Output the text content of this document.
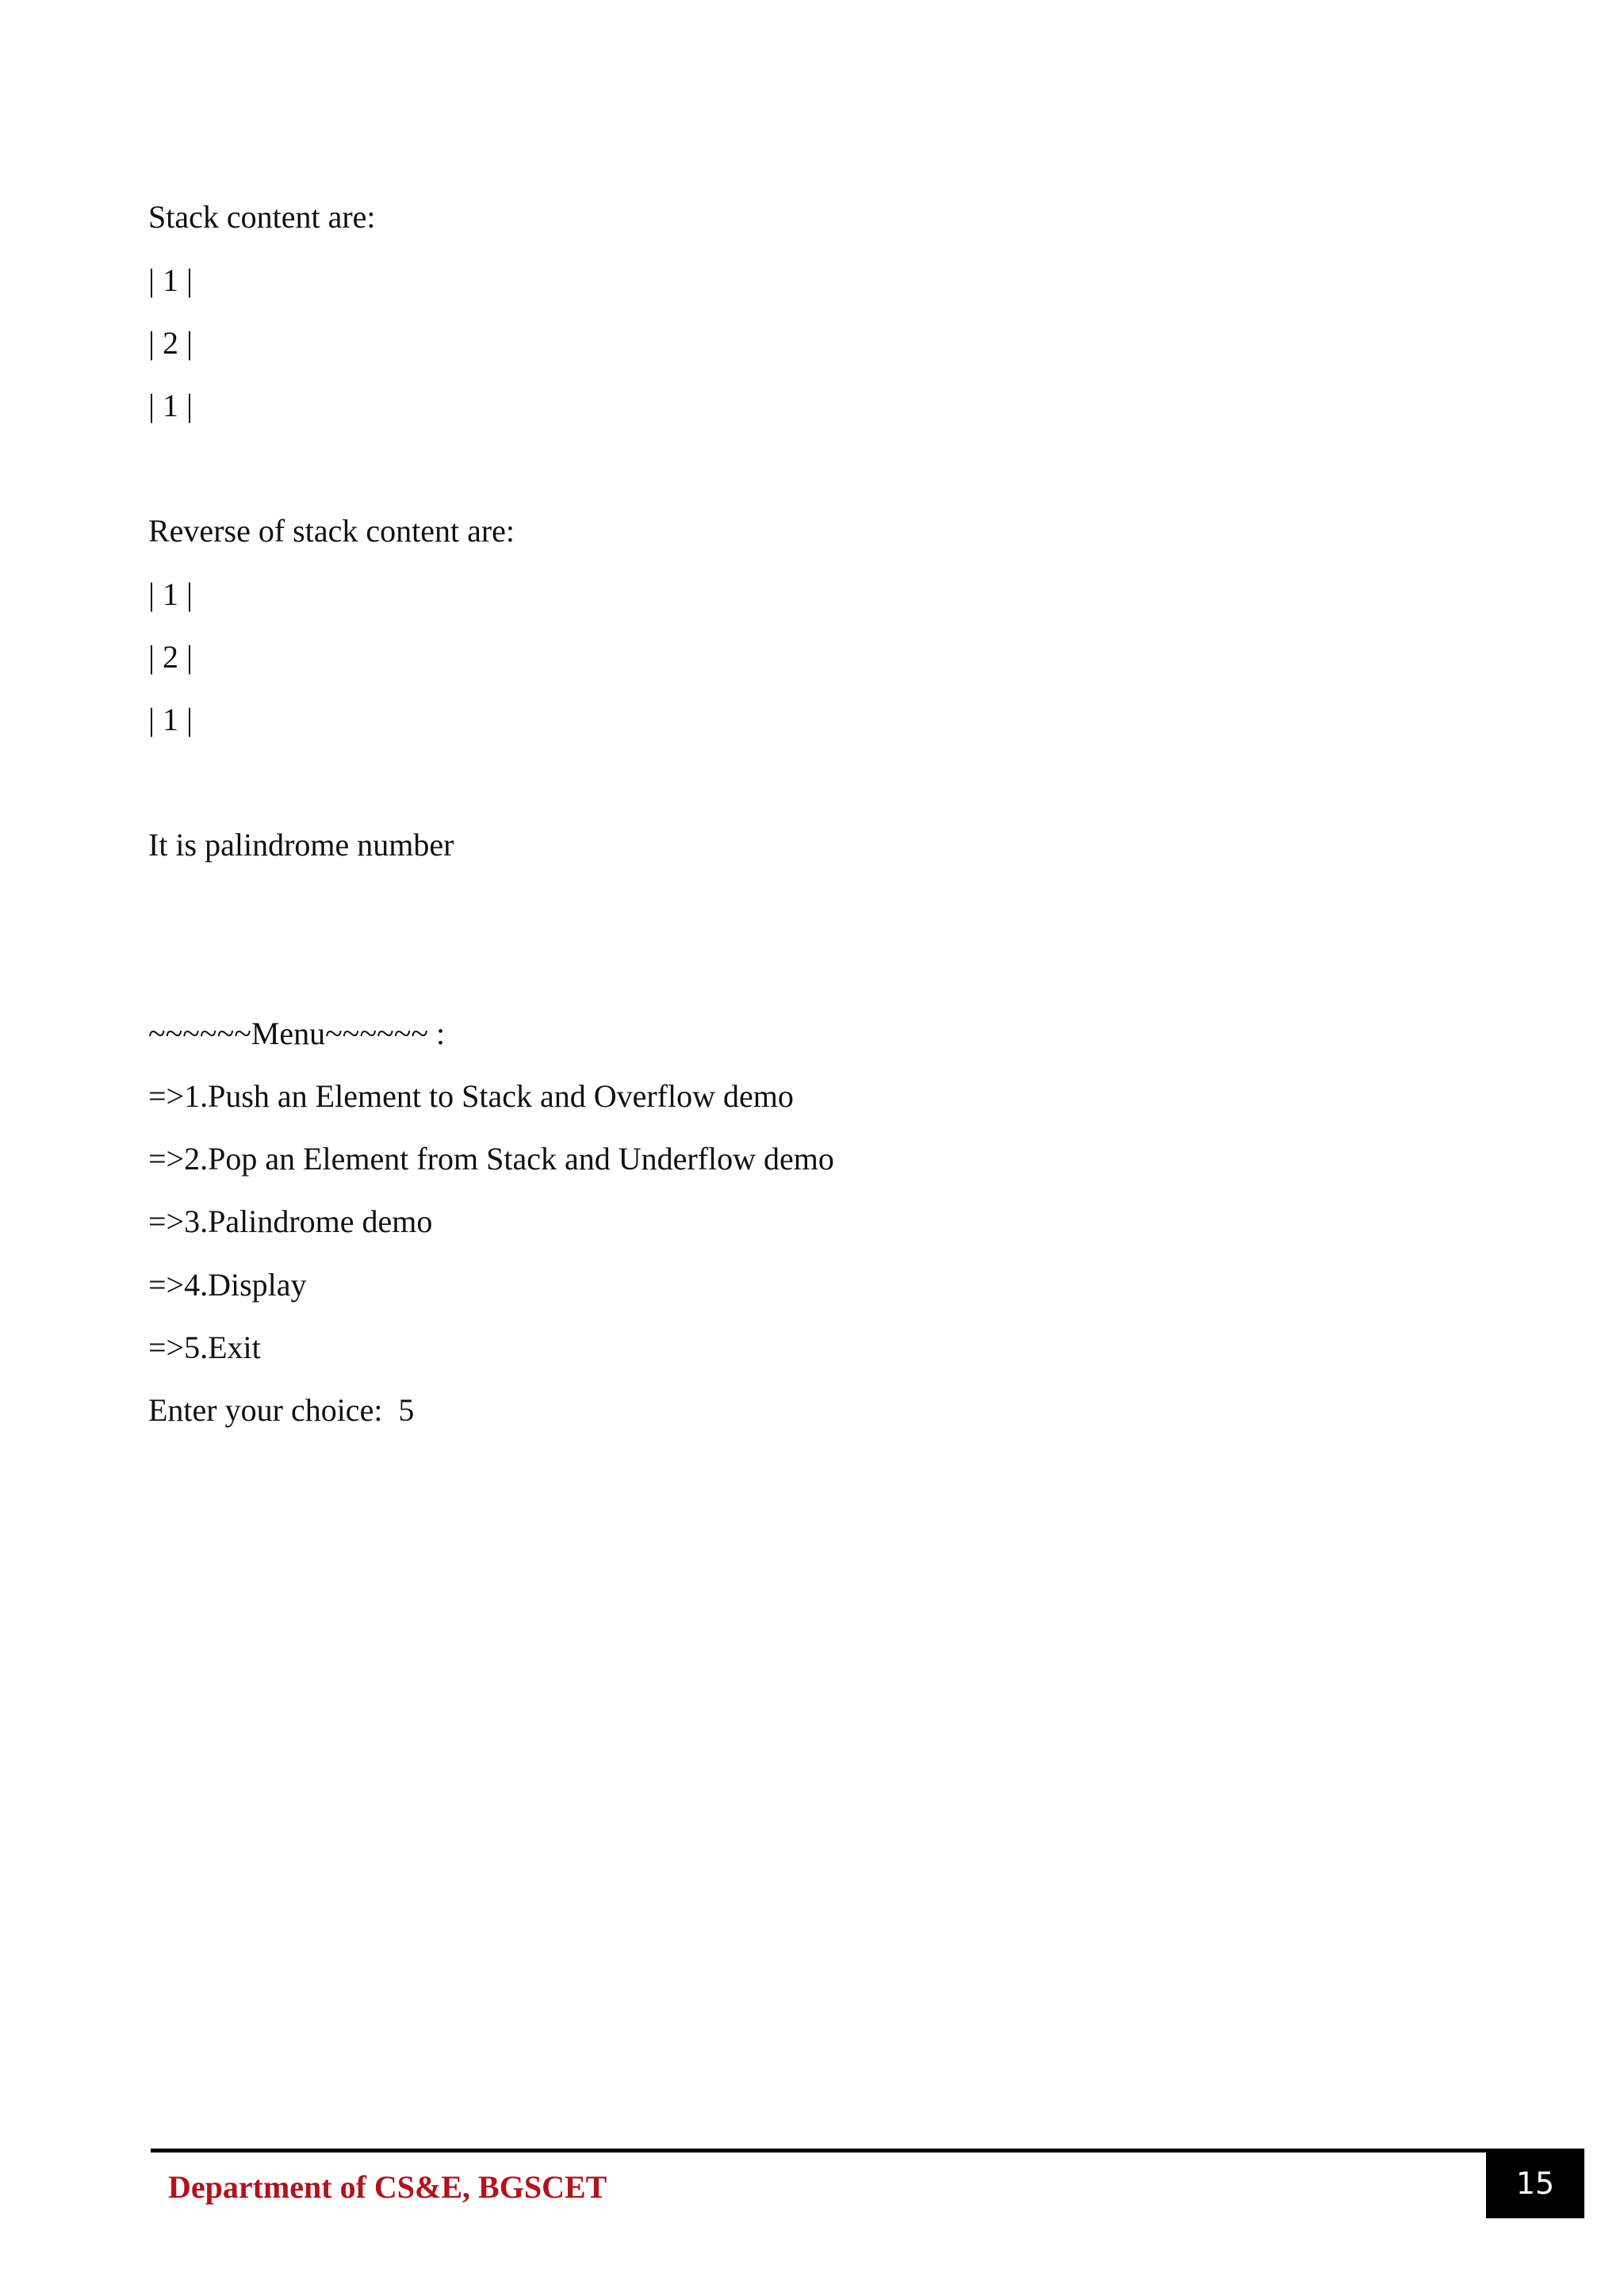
Stack content are:

| 1 |

| 2 |

| 1 |

Reverse of stack content are:

| 1 |

| 2 |

| 1 |

It is palindrome number

~~~~~~Menu~~~~~~ :

=>1.Push an Element to Stack and Overflow demo

=>2.Pop an Element from Stack and Underflow demo

=>3.Palindrome demo

=>4.Display

=>5.Exit

Enter your choice:  5

Department of CS&E, BGSCET	15
